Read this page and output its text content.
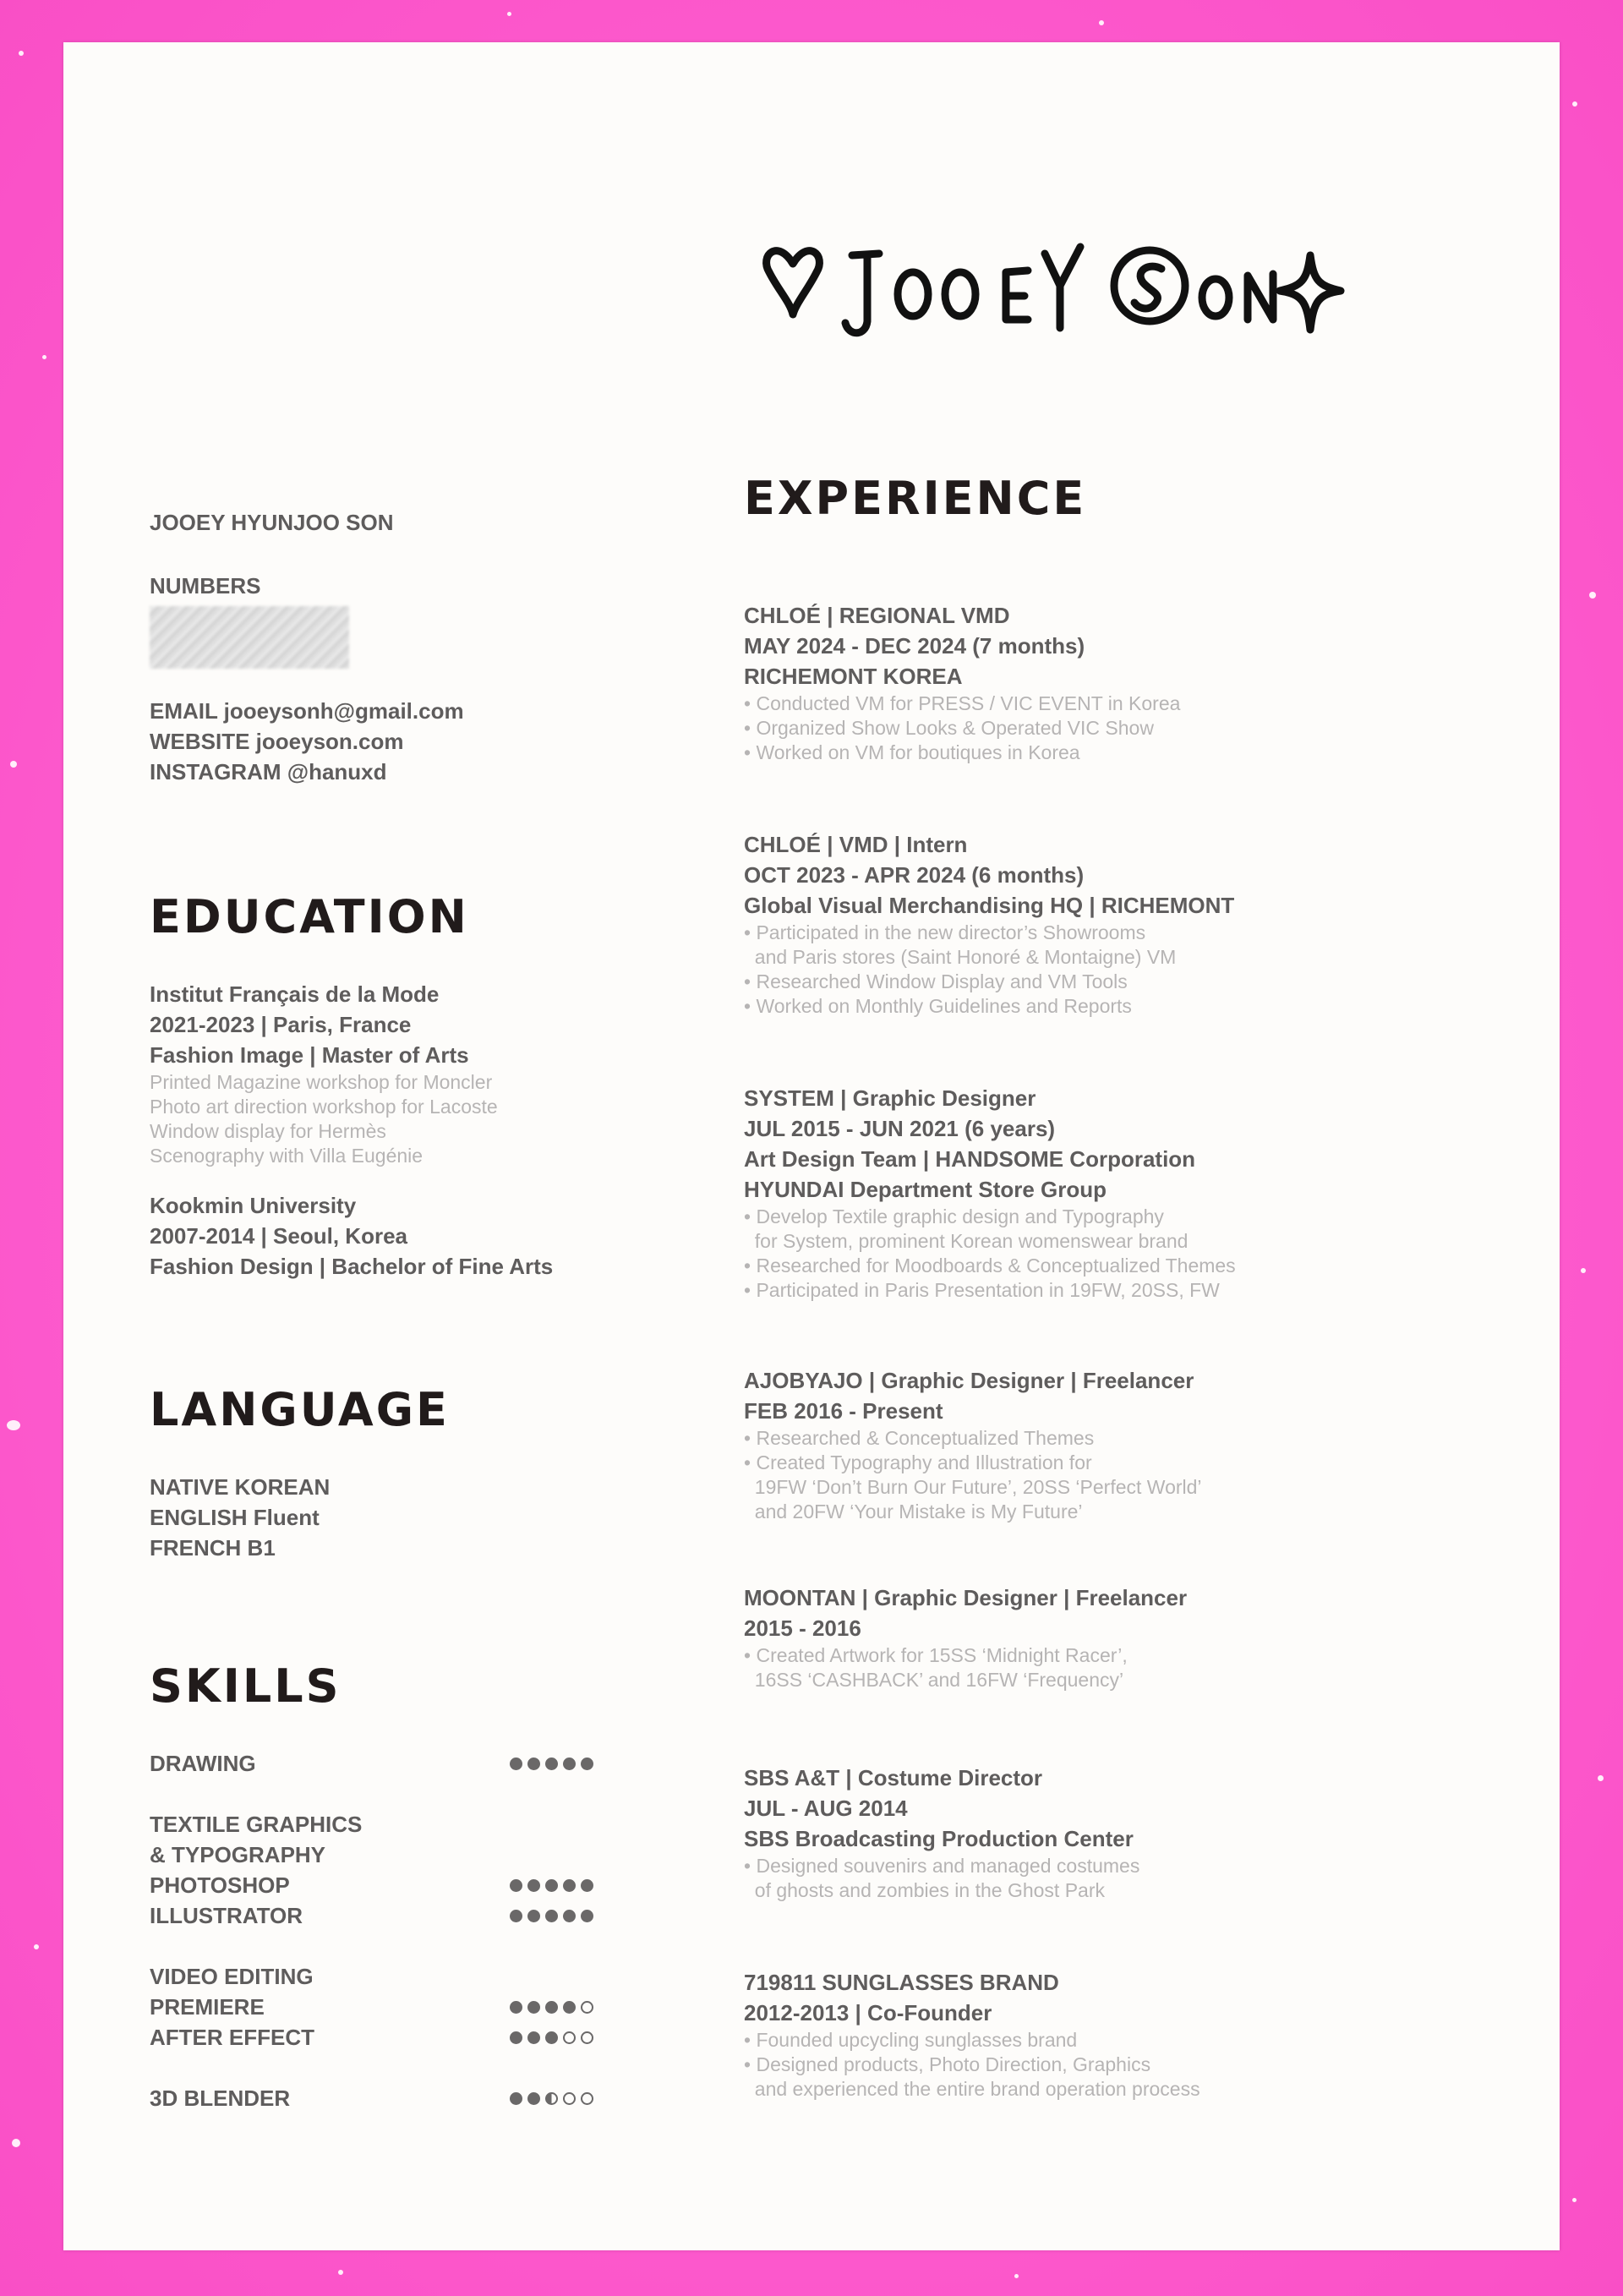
JOOEY HYUNJOO SON
NUMBERS
EMAIL jooeysonh@gmail.com
WEBSITE jooeyson.com
INSTAGRAM @hanuxd
EDUCATION
Institut Français de la Mode
2021-2023 | Paris, France
Fashion Image | Master of Arts
Printed Magazine workshop for Moncler
Photo art direction workshop for Lacoste
Window display for Hermès
Scenography with Villa Eugénie
Kookmin University
2007-2014 | Seoul, Korea
Fashion Design | Bachelor of Fine Arts
LANGUAGE
NATIVE KOREAN
ENGLISH Fluent
FRENCH B1
SKILLS
DRAWING
TEXTILE GRAPHICS
& TYPOGRAPHY
PHOTOSHOP
ILLUSTRATOR
VIDEO EDITING
PREMIERE
AFTER EFFECT
3D BLENDER
EXPERIENCE
CHLOÉ | REGIONAL VMD
MAY 2024 - DEC 2024 (7 months)
RICHEMONT KOREA
• Conducted VM for PRESS / VIC EVENT in Korea
• Organized Show Looks & Operated VIC Show
• Worked on VM for boutiques in Korea
CHLOÉ | VMD | Intern
OCT 2023 - APR 2024 (6 months)
Global Visual Merchandising HQ | RICHEMONT
• Participated in the new director’s Showrooms
and Paris stores (Saint Honoré & Montaigne) VM
• Researched Window Display and VM Tools
• Worked on Monthly Guidelines and Reports
SYSTEM | Graphic Designer
JUL 2015 - JUN 2021 (6 years)
Art Design Team | HANDSOME Corporation
HYUNDAI Department Store Group
• Develop Textile graphic design and Typography
for System, prominent Korean womenswear brand
• Researched for Moodboards & Conceptualized Themes
• Participated in Paris Presentation in 19FW, 20SS, FW
AJOBYAJO | Graphic Designer | Freelancer
FEB 2016 - Present
• Researched & Conceptualized Themes
• Created Typography and Illustration for
19FW ‘Don’t Burn Our Future’, 20SS ‘Perfect World’
and 20FW ‘Your Mistake is My Future’
MOONTAN | Graphic Designer | Freelancer
2015 - 2016
• Created Artwork for 15SS ‘Midnight Racer’,
16SS ‘CASHBACK’ and 16FW ‘Frequency’
SBS A&T | Costume Director
JUL - AUG 2014
SBS Broadcasting Production Center
• Designed souvenirs and managed costumes
of ghosts and zombies in the Ghost Park
719811 SUNGLASSES BRAND
2012-2013 | Co-Founder
• Founded upcycling sunglasses brand
• Designed products, Photo Direction, Graphics
and experienced the entire brand operation process
